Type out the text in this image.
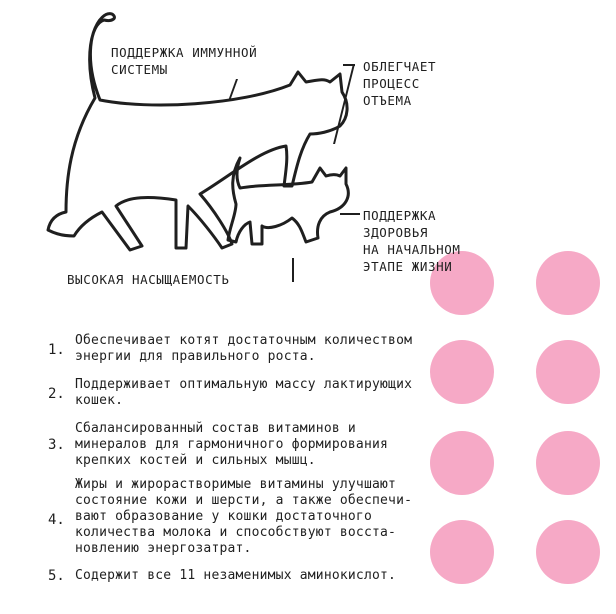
ПОДДЕРЖКА ИММУННОЙ
СИСТЕМЫ	ОБЛЕГЧАЕТ
ПРОЦЕСС
ОТЪЕМА
ПОДДЕРЖКА
ЗДОРОВЬЯ
НА НАЧАЛЬНОМ
ЭТАПЕ ЖИЗНИ
ВЫСОКАЯ НАСЫЩАЕМОСТЬ
1.
Обеспечивает котят достаточным количеством
энергии для правильного роста.
2.
Поддерживает оптимальную массу лактирующих
кошек.
3.
Сбалансированный состав витаминов и
минералов для гармоничного формирования
крепких костей и сильных мышц.
4.
Жиры и жирорастворимые витамины улучшают
состояние кожи и шерсти, а также обеспечи-
вают образование у кошки достаточного
количества молока и способствуют восста-
новлению энергозатрат.
5. Содержит все 11 незаменимых аминокислот.
